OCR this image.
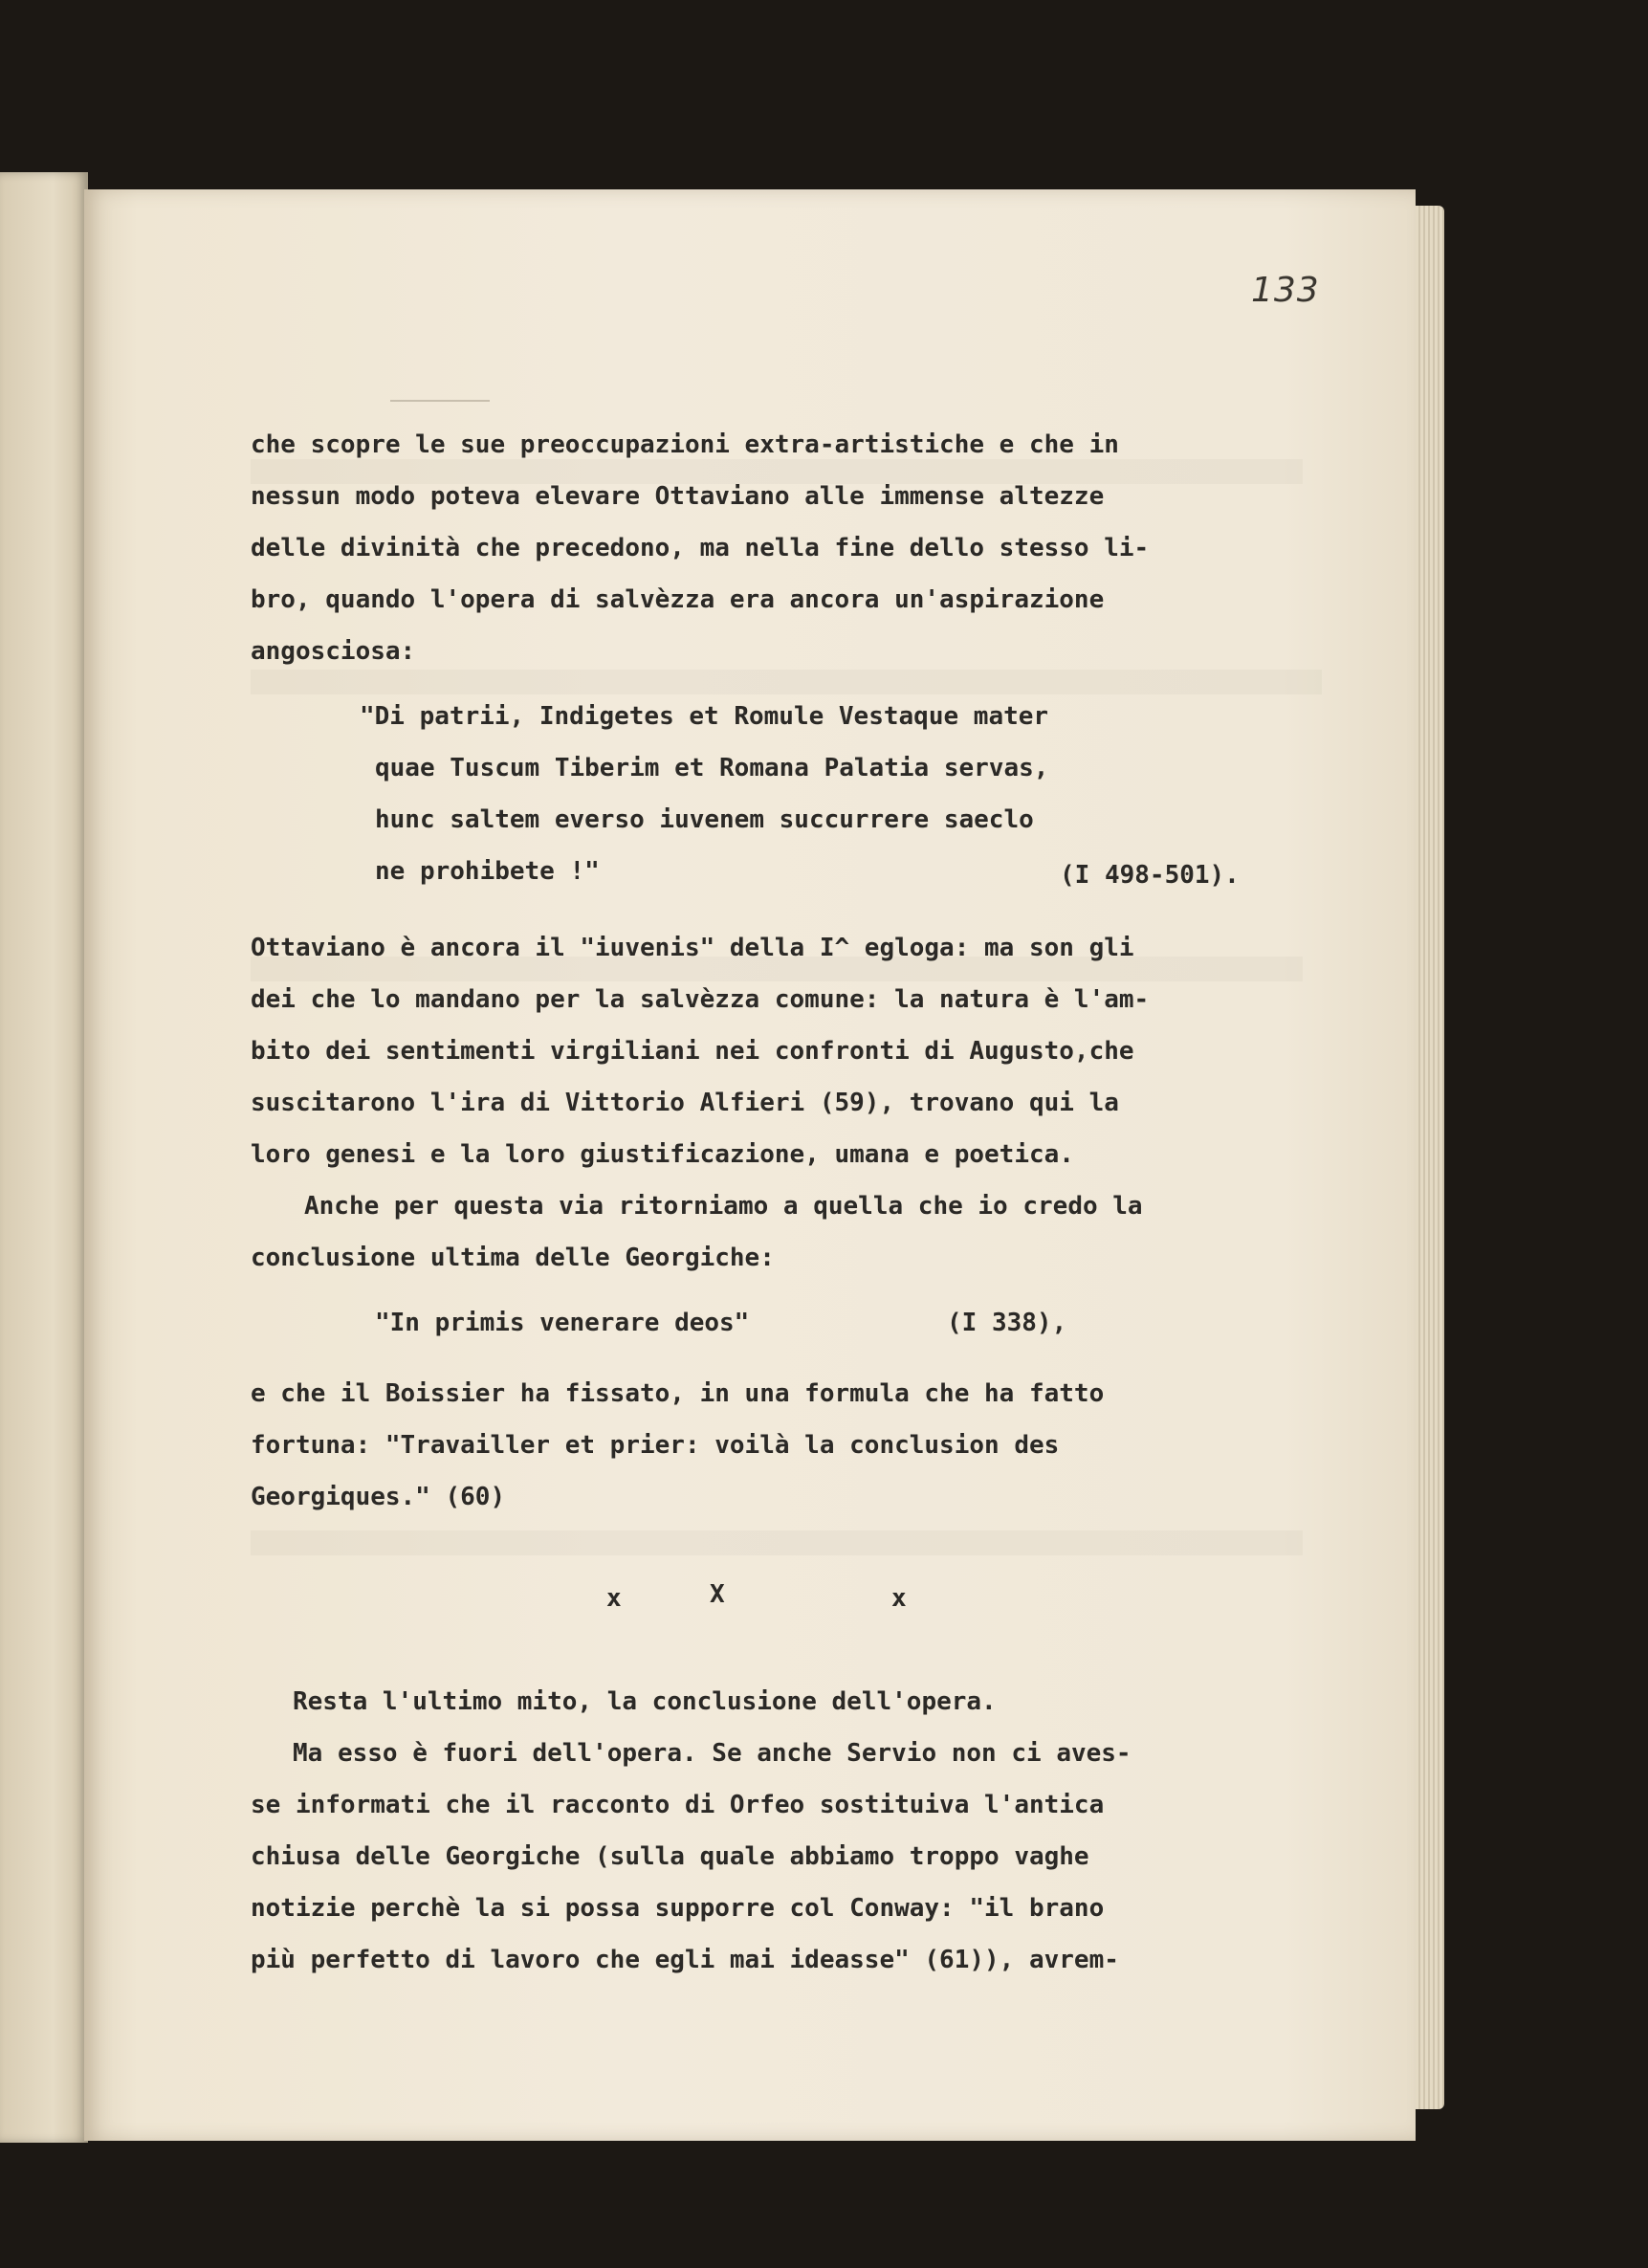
133
che scopre le sue preoccupazioni extra-artistiche e che in
nessun modo poteva elevare Ottaviano alle immense altezze
delle divinità che precedono, ma nella fine dello stesso li-
bro, quando l'opera di salvèzza era ancora un'aspirazione
angosciosa:
"Di patrii, Indigetes et Romule Vestaque mater
quae Tuscum Tiberim et Romana Palatia servas,
hunc saltem everso iuvenem succurrere saeclo
ne prohibete !"	(I 498-501).
Ottaviano è ancora il "iuvenis" della I^ egloga: ma son gli
dei che lo mandano per la salvèzza comune: la natura è l'am-
bito dei sentimenti virgiliani nei confronti di Augusto,che
suscitarono l'ira di Vittorio Alfieri (59), trovano qui la
loro genesi e la loro giustificazione, umana e poetica.
Anche per questa via ritorniamo a quella che io credo la
conclusione ultima delle Georgiche:
"In primis venerare deos"	(I 338),
e che il Boissier ha fissato, in una formula che ha fatto
fortuna: "Travailler et prier: voilà la conclusion des
Georgiques." (60)
x	X	x
Resta l'ultimo mito, la conclusione dell'opera.
Ma esso è fuori dell'opera. Se anche Servio non ci aves-
se informati che il racconto di Orfeo sostituiva l'antica
chiusa delle Georgiche (sulla quale abbiamo troppo vaghe
notizie perchè la si possa supporre col Conway: "il brano
più perfetto di lavoro che egli mai ideasse" (61)), avrem-
